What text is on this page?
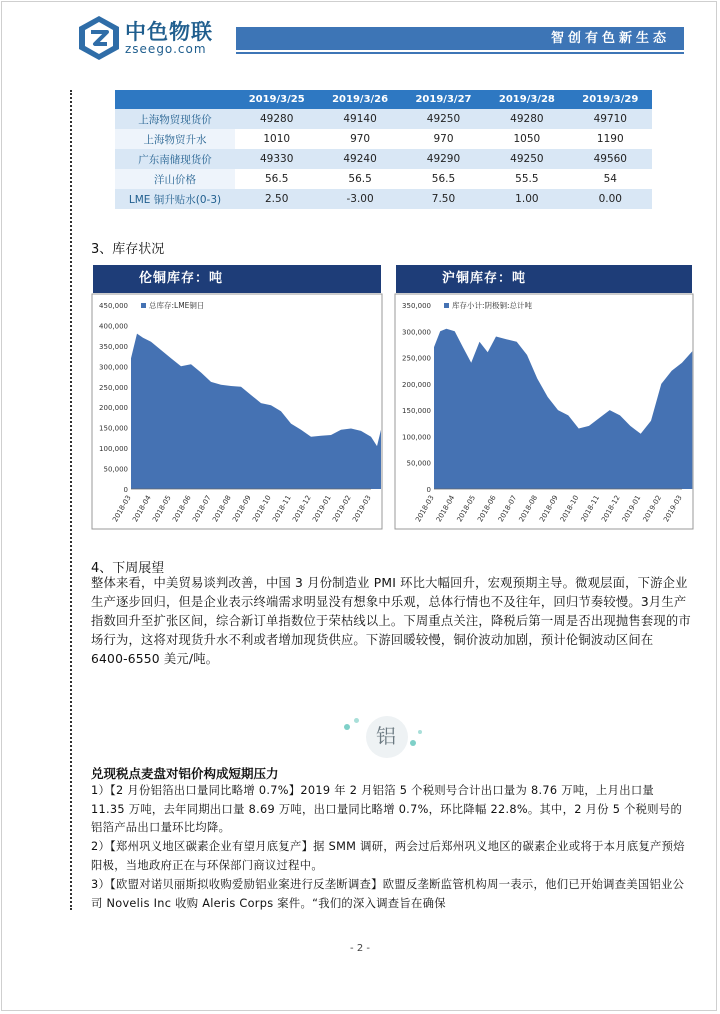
中色物联
zseego.com
智创有色新生态
	2019/3/25	2019/3/26	2019/3/27	2019/3/28	2019/3/29
上海物贸现货价	49280	49140	49250	49280	49710
上海物贸升水	1010	970	970	1050	1190
广东南储现货价	49330	49240	49290	49250	49560
洋山价格	56.5	56.5	56.5	55.5	54
LME 铜升贴水(0-3)	2.50	-3.00	7.50	1.00	0.00
3、库存状况
伦铜库存：吨
0
50,000
100,000
150,000
200,000
250,000
300,000
350,000
400,000
450,000
2018-03
2018-04
2018-05
2018-06
2018-07
2018-08
2018-09
2018-10
2018-11
2018-12
2019-01
2019-02
2019-03
总库存:LME铜日
沪铜库存：吨
0
50,000
100,000
150,000
200,000
250,000
300,000
350,000
2018-03 2018-04 2018-05 2018-06 2018-07 2018-08 2018-09 2018-10 2018-11 2018-12 2019-01 2019-02 2019-03
库存小计:阴极铜:总计吨
4、下周展望
整体来看，中美贸易谈判改善，中国 3 月份制造业 PMI 环比大幅回升，宏观预期主导。微观层面，下游企业生产逐步回归，但是企业表示终端需求明显没有想象中乐观，总体行情也不及往年，回归节奏较慢。3月生产指数回升至扩张区间，综合新订单指数位于荣枯线以上。下周重点关注，降税后第一周是否出现抛售套现的市场行为，这将对现货升水不利或者增加现货供应。下游回暖较慢，铜价波动加剧，预计伦铜波动区间在 6400-6550 美元/吨。
铝
兑现税点麦盘对铝价构成短期压力
1）【2 月份铝箔出口量同比略增 0.7%】2019 年 2 月铝箔 5 个税则号合计出口量为 8.76 万吨，上月出口量 11.35 万吨，去年同期出口量 8.69 万吨，出口量同比略增 0.7%，环比降幅 22.8%。其中，2 月份 5 个税则号的铝箔产品出口量环比均降。
2）【郑州巩义地区碳素企业有望月底复产】据 SMM 调研，两会过后郑州巩义地区的碳素企业或将于本月底复产预焙阳极，当地政府正在与环保部门商议过程中。
3）【欧盟对诺贝丽斯拟收购爱励铝业案进行反垄断调查】欧盟反垄断监管机构周一表示，他们已开始调查美国铝业公司 Novelis Inc 收购 Aleris Corps 案件。“我们的深入调查旨在确保
- 2 -
